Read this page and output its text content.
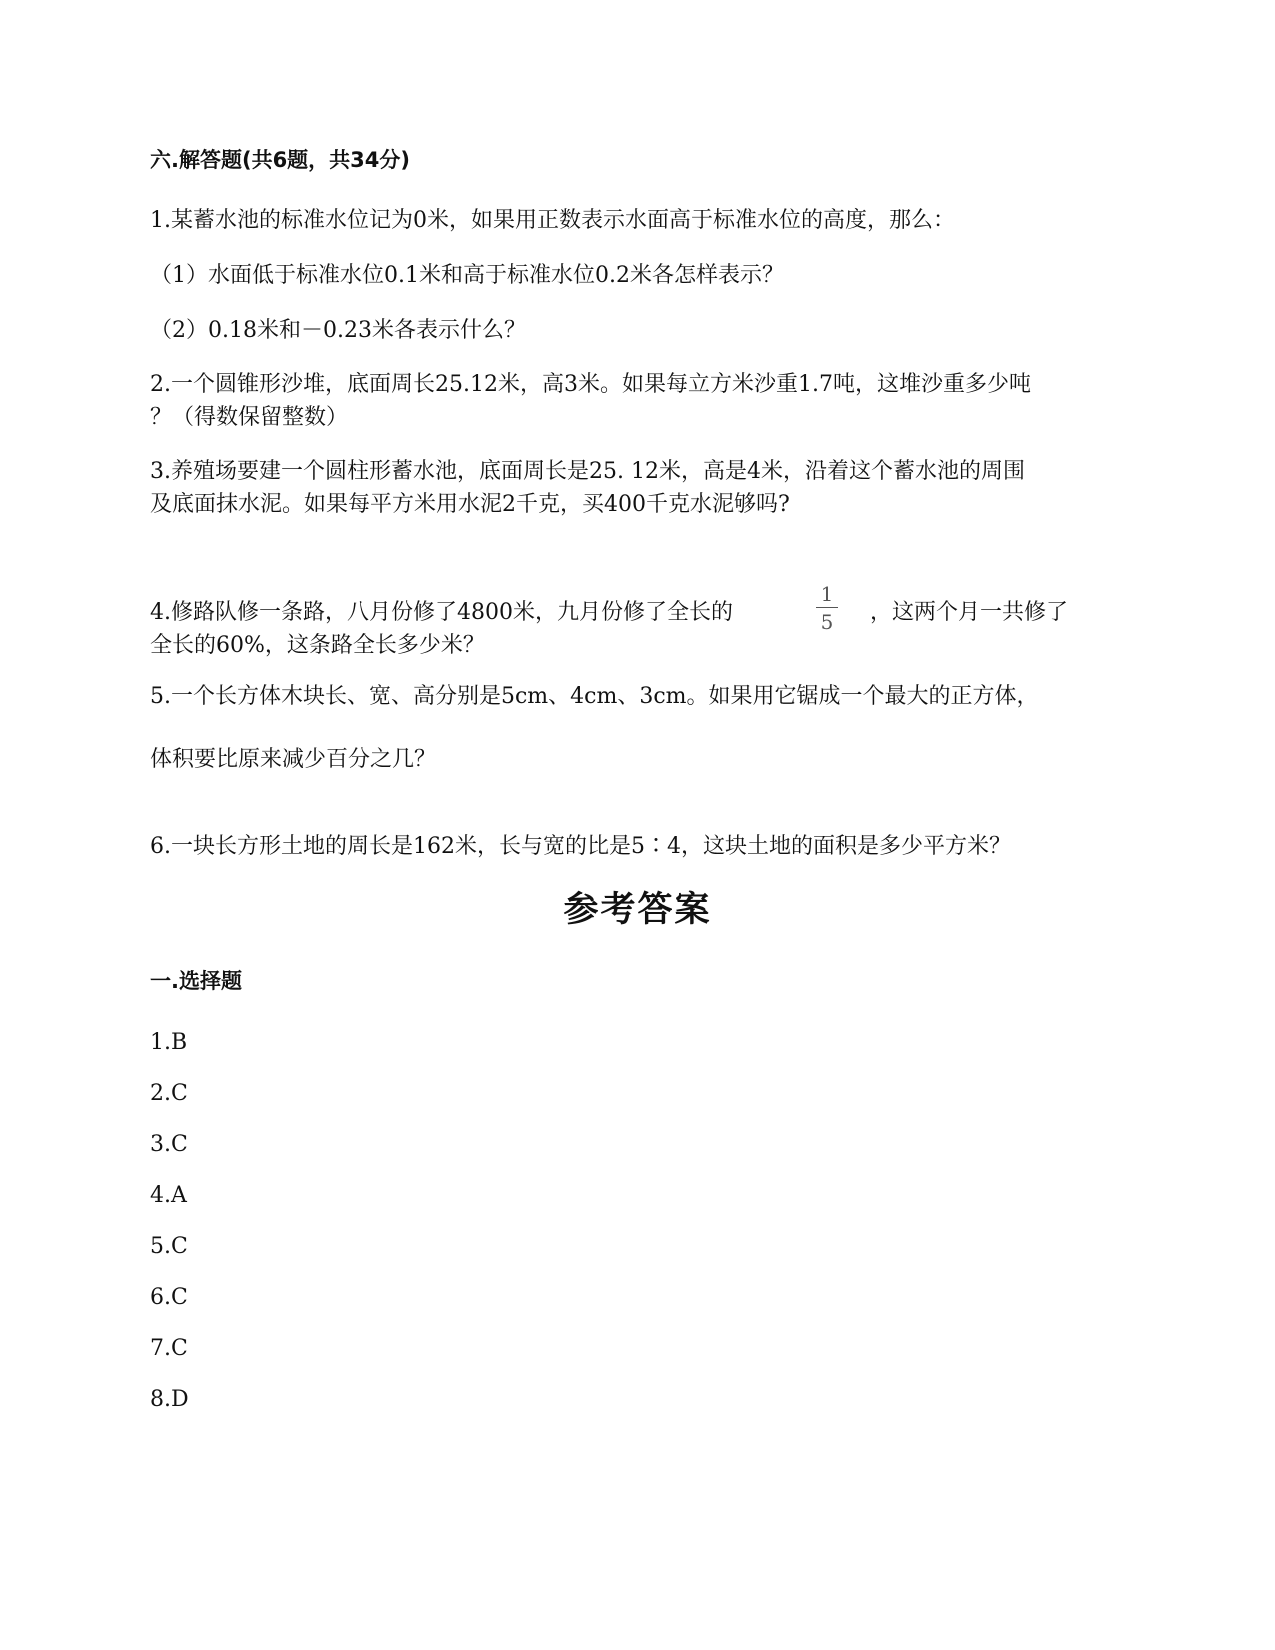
六.解答题(共6题，共34分)
1.某蓄水池的标准水位记为0米，如果用正数表示水面高于标准水位的高度，那么：
（1）水面低于标准水位0.1米和高于标准水位0.2米各怎样表示？
（2）0.18米和－0.23米各表示什么？
2.一个圆锥形沙堆，底面周长25.12米，高3米。如果每立方米沙重1.7吨，这堆沙重多少吨
？（得数保留整数）
3.养殖场要建一个圆柱形蓄水池，底面周长是25. 12米，高是4米，沿着这个蓄水池的周围
及底面抹水泥。如果每平方米用水泥2千克，买400千克水泥够吗?
4.修路队修一条路，八月份修了4800米，九月份修了全长的
1
5	，这两个月一共修了
全长的60%，这条路全长多少米？
5.一个长方体木块长、宽、高分别是5cm、4cm、3cm。如果用它锯成一个最大的正方体，
体积要比原来减少百分之几？
6.一块长方形土地的周长是162米，长与宽的比是5∶4，这块土地的面积是多少平方米？
参考答案
一.选择题
1.B
2.C
3.C
4.A
5.C
6.C
7.C
8.D
